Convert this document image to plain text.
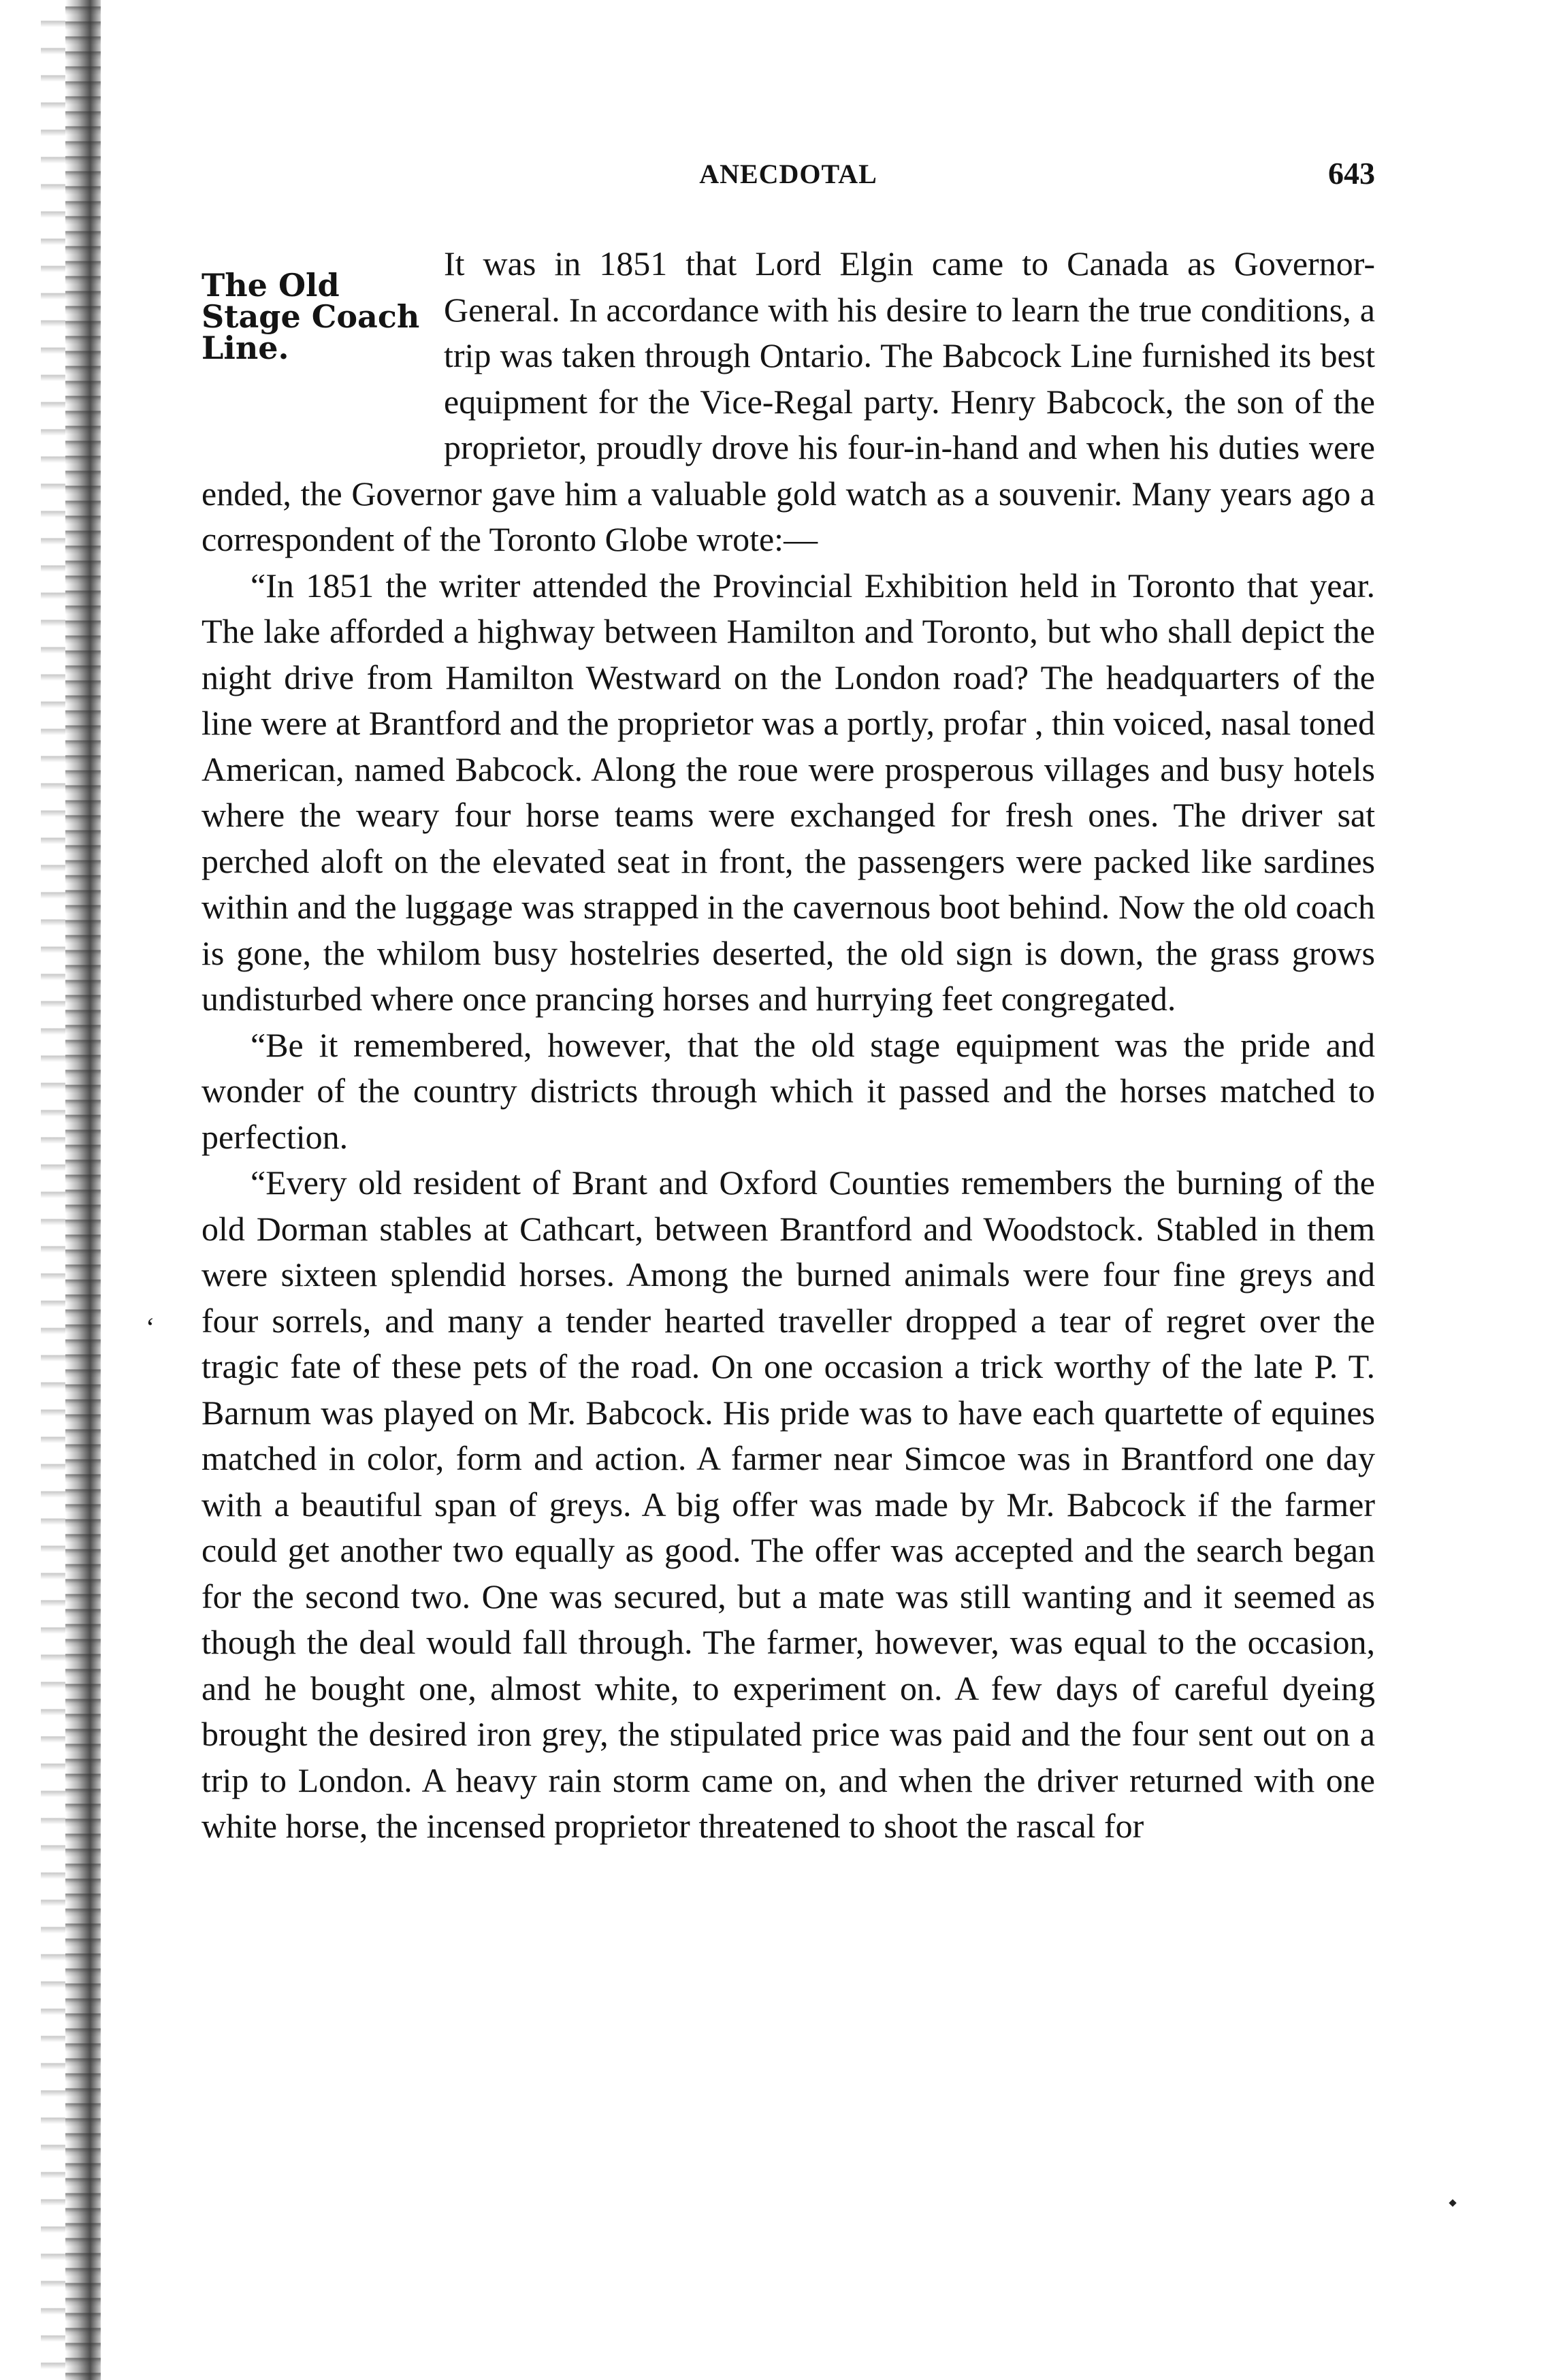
ANECDOTAL	643
The Old
Stage Coach
Line.

It was in 1851 that Lord Elgin came to Canada as Governor-General. In accordance with his desire to learn the true conditions, a trip was taken through Ontario. The Babcock Line furnished its best equipment for the Vice-Regal party. Henry Babcock, the son of the proprietor, proudly drove his four-in-hand and when his duties were ended, the Governor gave him a valuable gold watch as a souvenir. Many years ago a correspondent of the Toronto Globe wrote:—

“In 1851 the writer attended the Provincial Exhibition held in Toronto that year. The lake afforded a highway between Hamilton and Toronto, but who shall depict the night drive from Hamilton Westward on the London road? The headquarters of the line were at Brantford and the proprietor was a portly, profar , thin voiced, nasal toned American, named Babcock. Along the roue were prosperous villages and busy hotels where the weary four horse teams were exchanged for fresh ones. The driver sat perched aloft on the elevated seat in front, the passengers were packed like sardines within and the luggage was strapped in the cavernous boot behind. Now the old coach is gone, the whilom busy hostelries deserted, the old sign is down, the grass grows undisturbed where once prancing horses and hurrying feet congregated.

“Be it remembered, however, that the old stage equipment was the pride and wonder of the country districts through which it passed and the horses matched to perfection.

“Every old resident of Brant and Oxford Counties remembers the burning of the old Dorman stables at Cathcart, between Brantford and Woodstock. Stabled in them were sixteen splendid horses. Among the burned animals were four fine greys and four sorrels, and many a tender hearted traveller dropped a tear of regret over the tragic fate of these pets of the road. On one occasion a trick worthy of the late P. T. Barnum was played on Mr. Babcock. His pride was to have each quartette of equines matched in color, form and action. A farmer near Simcoe was in Brantford one day with a beautiful span of greys. A big offer was made by Mr. Babcock if the farmer could get another two equally as good. The offer was accepted and the search began for the second two. One was secured, but a mate was still wanting and it seemed as though the deal would fall through. The farmer, however, was equal to the occasion, and he bought one, almost white, to experiment on. A few days of careful dyeing brought the desired iron grey, the stipulated price was paid and the four sent out on a trip to London. A heavy rain storm came on, and when the driver returned with one white horse, the incensed proprietor threatened to shoot the rascal for

‘
